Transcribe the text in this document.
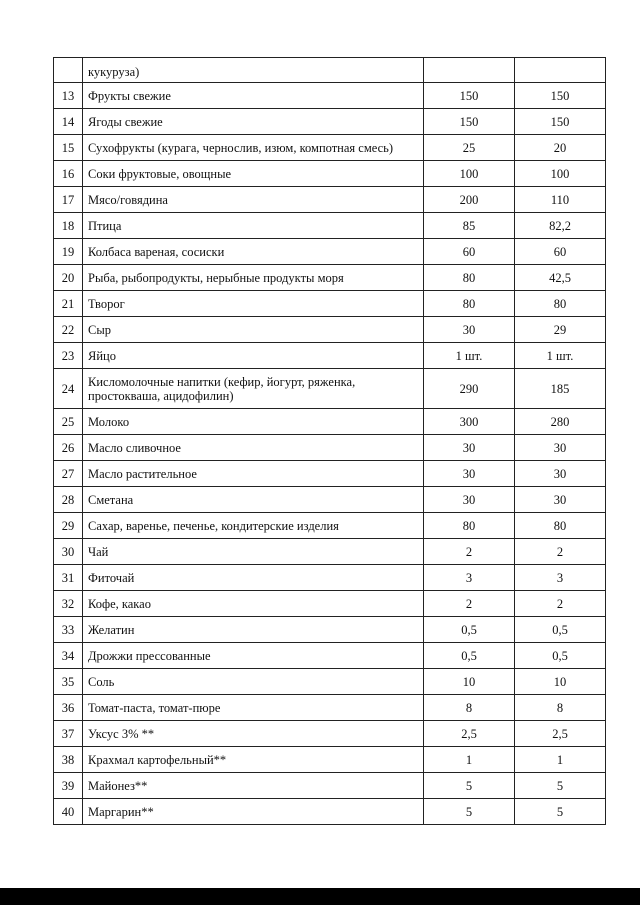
	кукуруза)		
13	Фрукты свежие	150	150
14	Ягоды свежие	150	150
15	Сухофрукты (курага, чернослив, изюм, компотная смесь)	25	20
16	Соки фруктовые, овощные	100	100
17	Мясо/говядина	200	110
18	Птица	85	82,2
19	Колбаса вареная, сосиски	60	60
20	Рыба, рыбопродукты, нерыбные продукты моря	80	42,5
21	Творог	80	80
22	Сыр	30	29
23	Яйцо	1 шт.	1 шт.
24	Кисломолочные напитки (кефир, йогурт, ряженка, простокваша, ацидофилин)	290	185
25	Молоко	300	280
26	Масло сливочное	30	30
27	Масло растительное	30	30
28	Сметана	30	30
29	Сахар, варенье, печенье, кондитерские изделия	80	80
30	Чай	2	2
31	Фиточай	3	3
32	Кофе, какао	2	2
33	Желатин	0,5	0,5
34	Дрожжи прессованные	0,5	0,5
35	Соль	10	10
36	Томат-паста, томат-пюре	8	8
37	Уксус 3% **	2,5	2,5
38	Крахмал картофельный**	1	1
39	Майонез**	5	5
40	Маргарин**	5	5
